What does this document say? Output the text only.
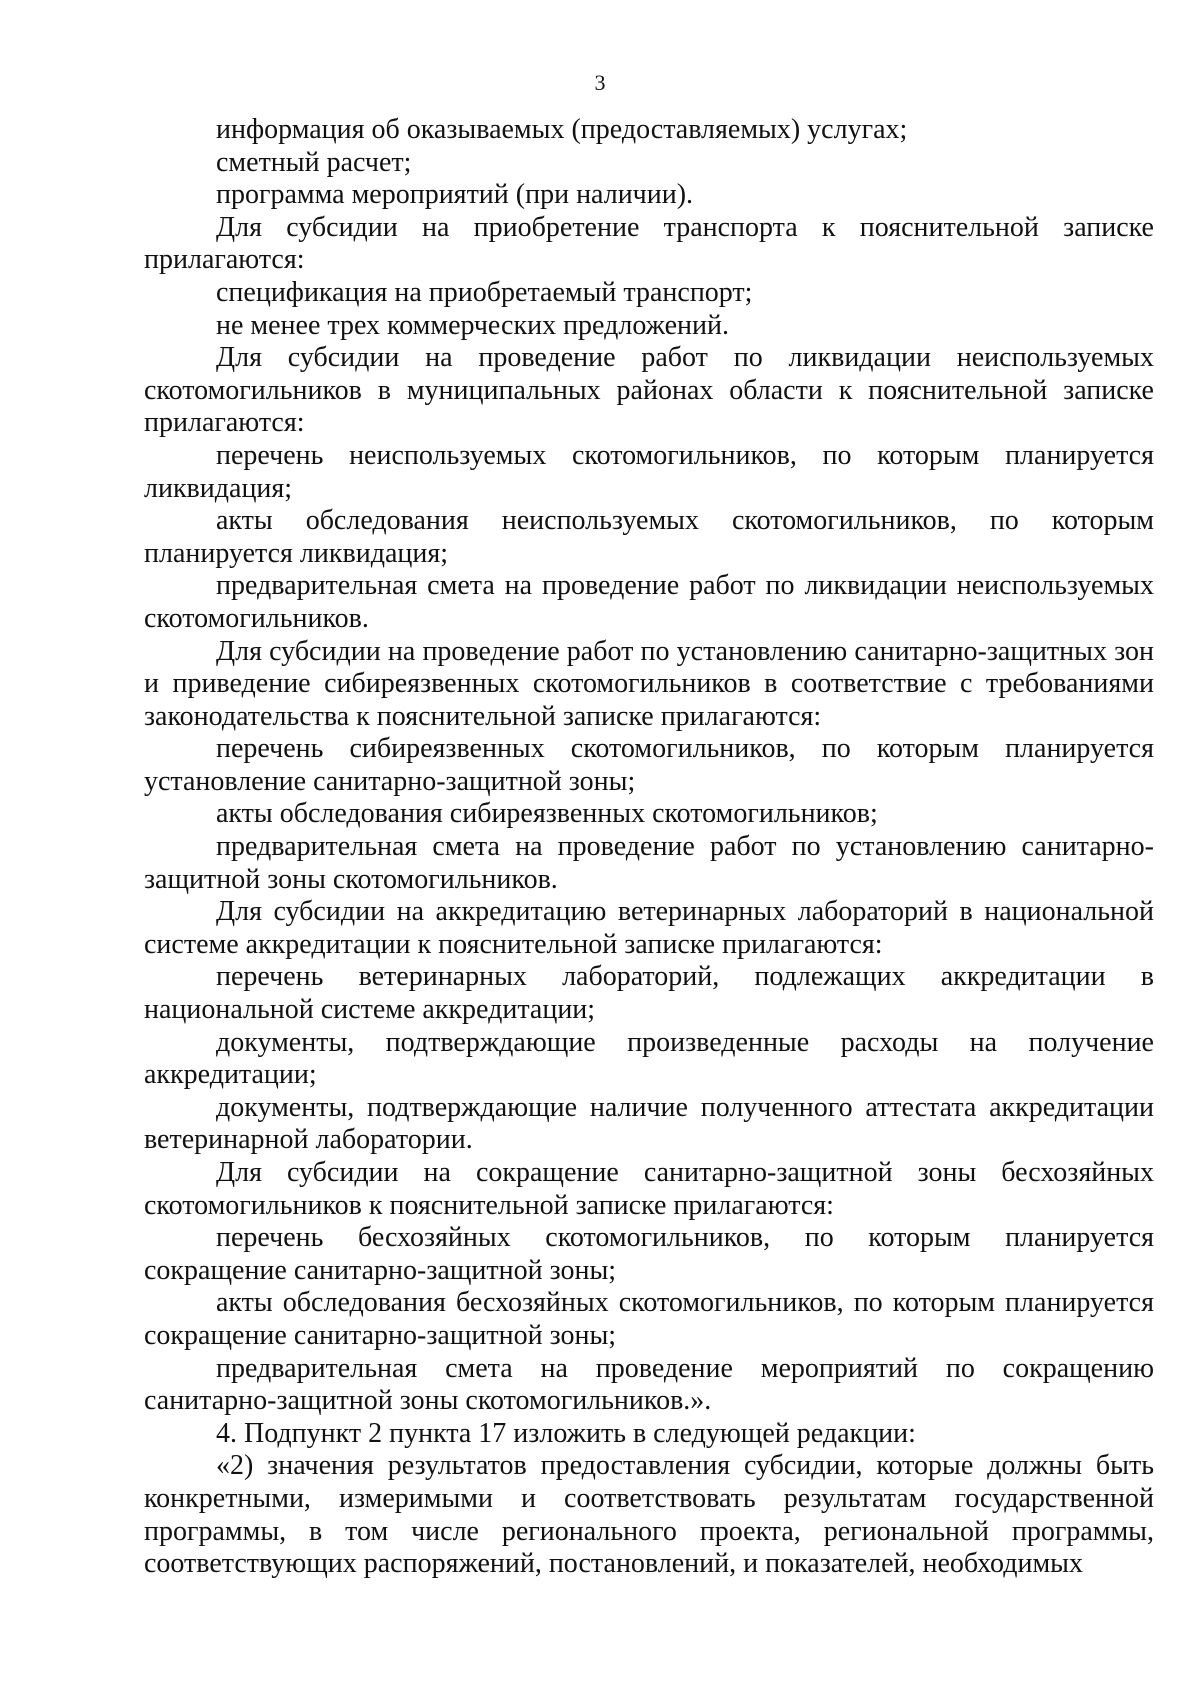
3

информация об оказываемых (предоставляемых) услугах;

сметный расчет;

программа мероприятий (при наличии).

Для субсидии на приобретение транспорта к пояснительной записке прилагаются:

спецификация на приобретаемый транспорт;

не менее трех коммерческих предложений.

Для субсидии на проведение работ по ликвидации неиспользуемых скотомогильников в муниципальных районах области к пояснительной записке прилагаются:

перечень неиспользуемых скотомогильников, по которым планируется ликвидация;

акты обследования неиспользуемых скотомогильников, по которым планируется ликвидация;

предварительная смета на проведение работ по ликвидации неиспользуемых скотомогильников.

Для субсидии на проведение работ по установлению санитарно-защитных зон и приведение сибиреязвенных скотомогильников в соответствие с требованиями законодательства к пояснительной записке прилагаются:

перечень сибиреязвенных скотомогильников, по которым планируется установление санитарно-защитной зоны;

акты обследования сибиреязвенных скотомогильников;

предварительная смета на проведение работ по установлению санитарно-защитной зоны скотомогильников.

Для субсидии на аккредитацию ветеринарных лабораторий в национальной системе аккредитации к пояснительной записке прилагаются:

перечень ветеринарных лабораторий, подлежащих аккредитации в национальной системе аккредитации;

документы, подтверждающие произведенные расходы на получение аккредитации;

документы, подтверждающие наличие полученного аттестата аккредитации ветеринарной лаборатории.

Для субсидии на сокращение санитарно-защитной зоны бесхозяйных скотомогильников к пояснительной записке прилагаются:

перечень бесхозяйных скотомогильников, по которым планируется сокращение санитарно-защитной зоны;

акты обследования бесхозяйных скотомогильников, по которым планируется сокращение санитарно-защитной зоны;

предварительная смета на проведение мероприятий по сокращению санитарно-защитной зоны скотомогильников.».

4. Подпункт 2 пункта 17 изложить в следующей редакции:

«2) значения результатов предоставления субсидии, которые должны быть конкретными, измеримыми и соответствовать результатам государственной программы, в том числе регионального проекта, региональной программы, соответствующих распоряжений, постановлений, и показателей, необходимых
